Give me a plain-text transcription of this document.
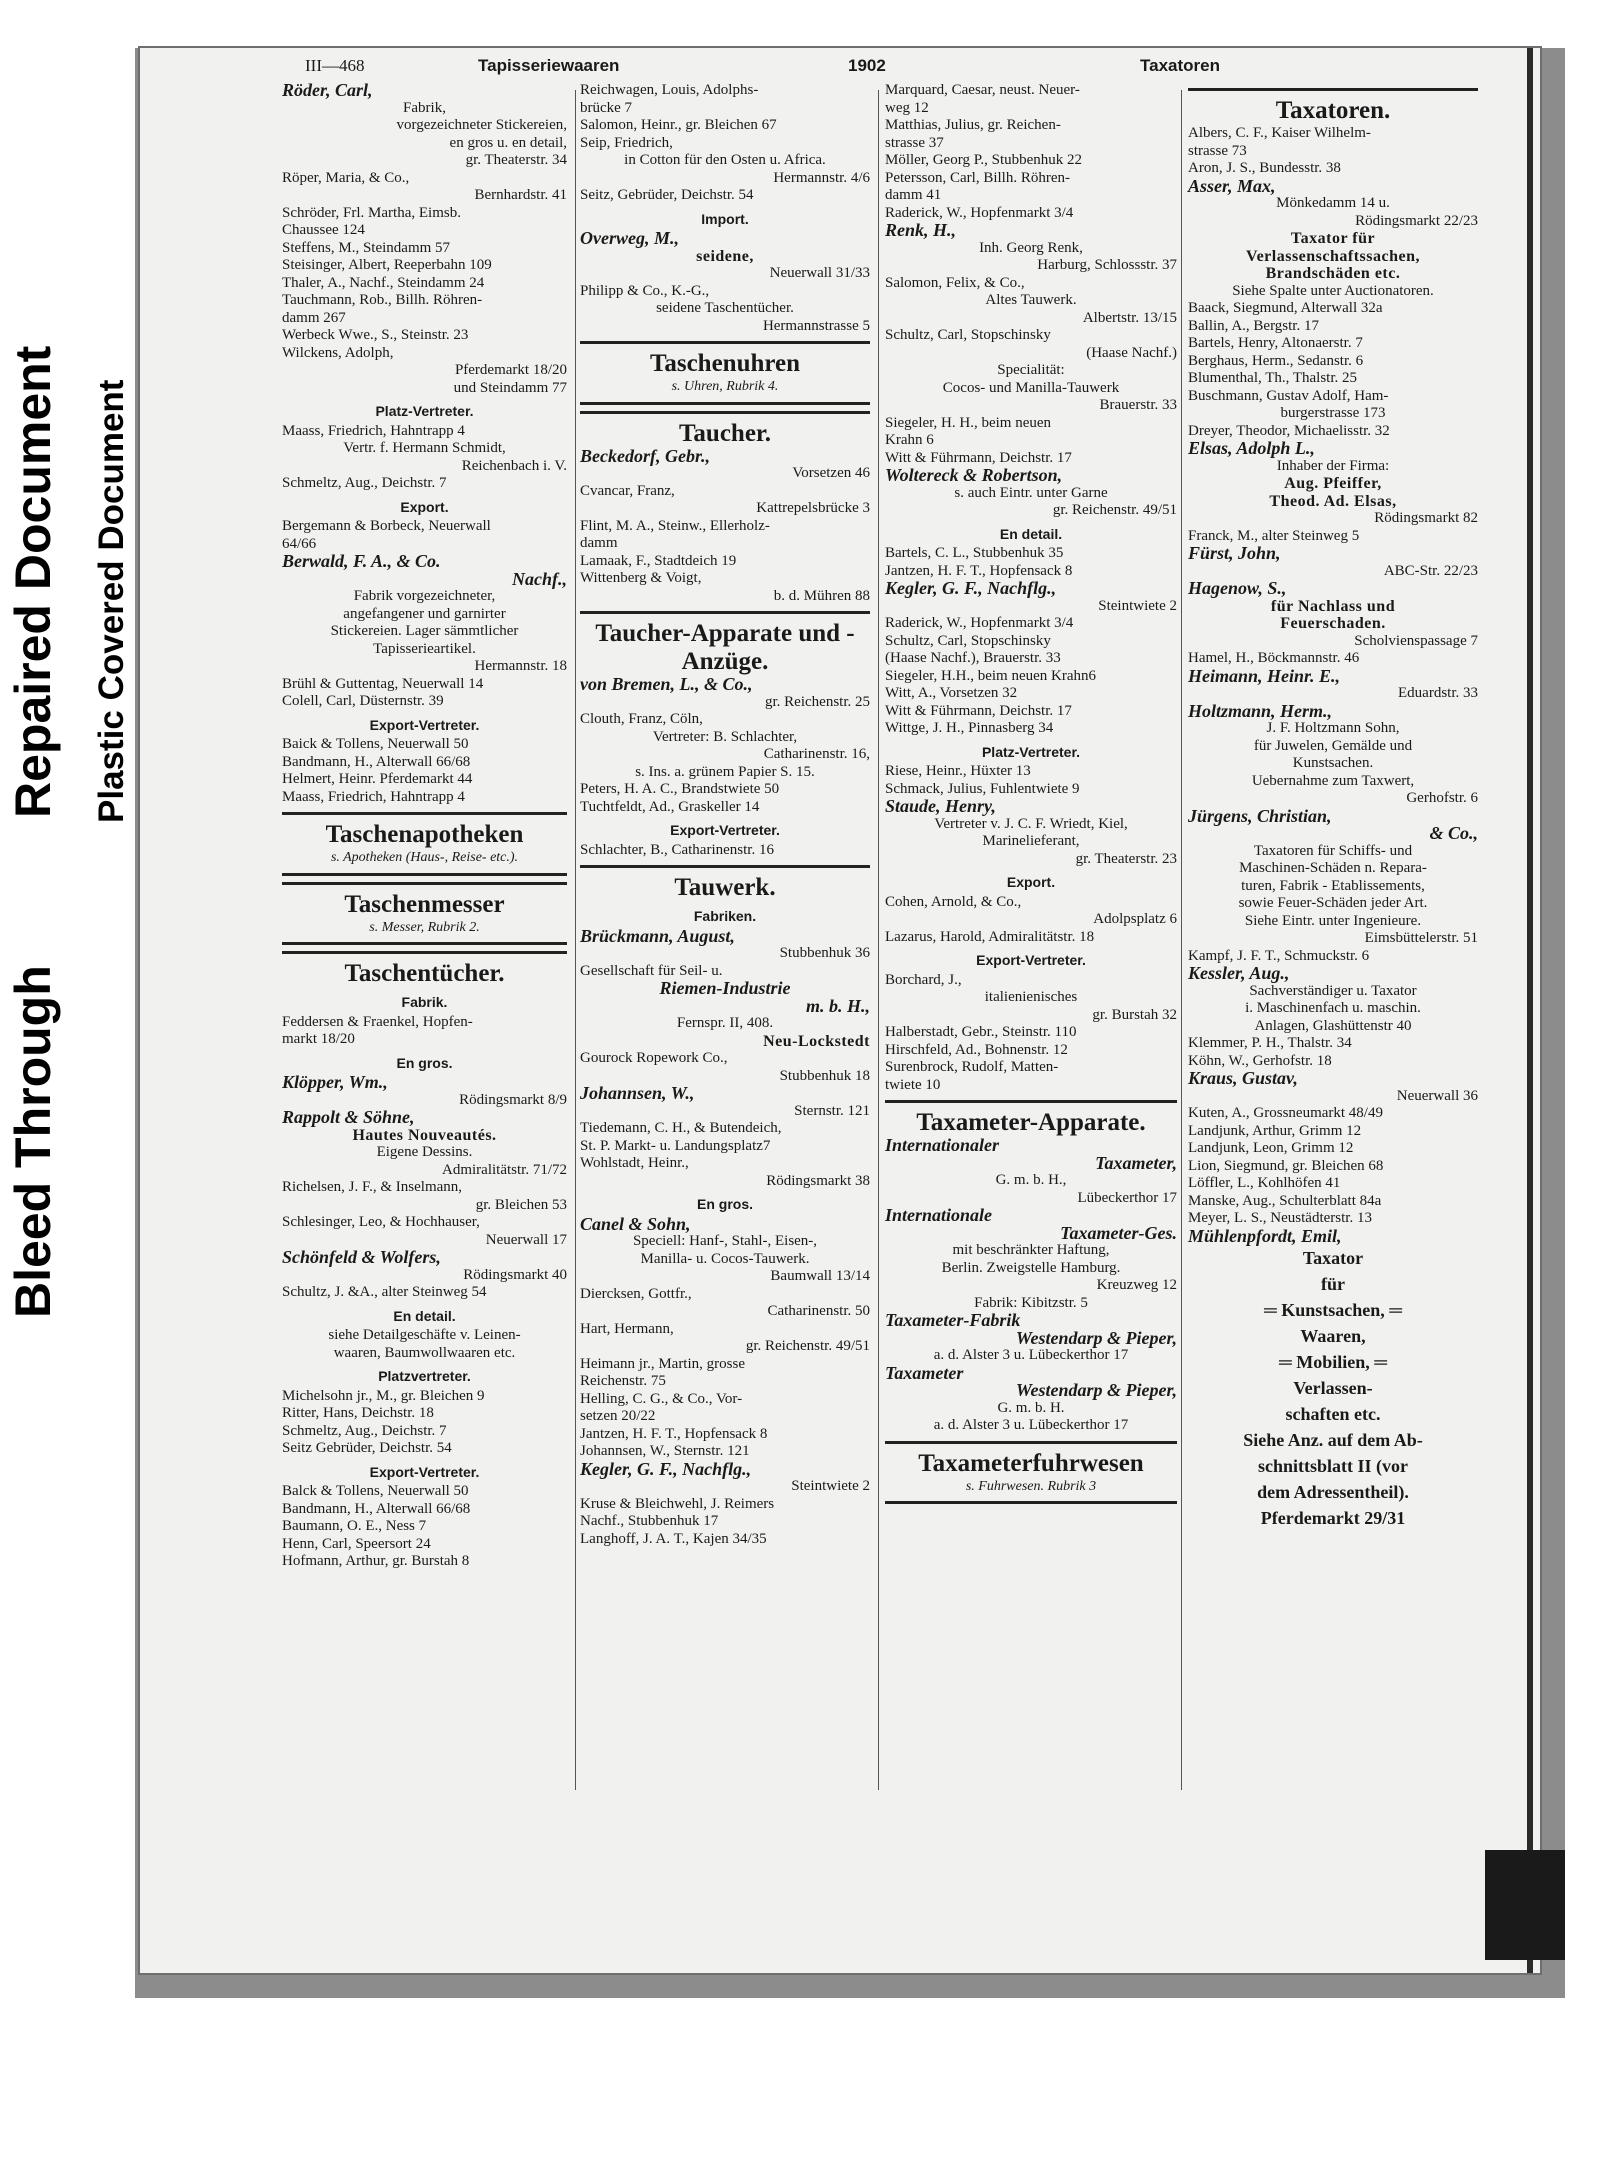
Bleed Through
Repaired Document Plastic Covered Document
III—468	Tapisseriewaaren	1902	Taxatoren
Röder, Carl,
Fabrik,
vorgezeichneter Stickereien,
en gros u. en detail,
gr. Theaterstr. 34
Röper, Maria, & Co.,
Bernhardstr. 41
Schröder, Frl. Martha, Eimsb.
Chaussee 124
Steffens, M., Steindamm 57
Steisinger, Albert, Reeperbahn 109
Thaler, A., Nachf., Steindamm 24
Tauchmann, Rob., Billh. Röhren-
damm 267
Werbeck Wwe., S., Steinstr. 23
Wilckens, Adolph,
Pferdemarkt 18/20
und Steindamm 77
Platz-Vertreter.
Maass, Friedrich, Hahntrapp 4
Vertr. f. Hermann Schmidt,
Reichenbach i. V.
Schmeltz, Aug., Deichstr. 7
Export.
Bergemann & Borbeck, Neuerwall
64/66
Berwald, F. A., & Co.
Nachf.,
Fabrik vorgezeichneter,
angefangener und garnirter
Stickereien. Lager sämmtlicher
Tapisserieartikel.
Hermannstr. 18
Brühl & Guttentag, Neuerwall 14
Colell, Carl, Düsternstr. 39
Export-Vertreter.
Baick & Tollens, Neuerwall 50
Bandmann, H., Alterwall 66/68
Helmert, Heinr. Pferdemarkt 44
Maass, Friedrich, Hahntrapp 4
Taschenapotheken
s. Apotheken (Haus-, Reise- etc.).
Taschenmesser
s. Messer, Rubrik 2.
Taschentücher.
Fabrik.
Feddersen & Fraenkel, Hopfen-
markt 18/20
En gros.
Klöpper, Wm.,
Rödingsmarkt 8/9
Rappolt & Söhne,
Hautes Nouveautés.
Eigene Dessins.
Admiralitätstr. 71/72
Richelsen, J. F., & Inselmann,
gr. Bleichen 53
Schlesinger, Leo, & Hochhauser,
Neuerwall 17
Schönfeld & Wolfers,
Rödingsmarkt 40
Schultz, J. &A., alter Steinweg 54
En detail.
siehe Detailgeschäfte v. Leinen-
waaren, Baumwollwaaren etc.
Platzvertreter.
Michelsohn jr., M., gr. Bleichen 9
Ritter, Hans, Deichstr. 18
Schmeltz, Aug., Deichstr. 7
Seitz Gebrüder, Deichstr. 54
Export-Vertreter.
Balck & Tollens, Neuerwall 50
Bandmann, H., Alterwall 66/68
Baumann, O. E., Ness 7
Henn, Carl, Speersort 24
Hofmann, Arthur, gr. Burstah 8
Reichwagen, Louis, Adolphs-
brücke 7
Salomon, Heinr., gr. Bleichen 67
Seip, Friedrich,
in Cotton für den Osten u. Africa.
Hermannstr. 4/6
Seitz, Gebrüder, Deichstr. 54
Import.
Overweg, M.,
seidene,
Neuerwall 31/33
Philipp & Co., K.-G.,
seidene Taschentücher.
Hermannstrasse 5
Taschenuhren
s. Uhren, Rubrik 4.
Taucher.
Beckedorf, Gebr.,
Vorsetzen 46
Cvancar, Franz,
Kattrepelsbrücke 3
Flint, M. A., Steinw., Ellerholz-
damm
Lamaak, F., Stadtdeich 19
Wittenberg & Voigt,
b. d. Mühren 88
Taucher-Apparate und -Anzüge.
von Bremen, L., & Co.,
gr. Reichenstr. 25
Clouth, Franz, Cöln,
Vertreter: B. Schlachter,
Catharinenstr. 16,
s. Ins. a. grünem Papier S. 15.
Peters, H. A. C., Brandstwiete 50
Tuchtfeldt, Ad., Graskeller 14
Export-Vertreter.
Schlachter, B., Catharinenstr. 16
Tauwerk.
Fabriken.
Brückmann, August,
Stubbenhuk 36
Gesellschaft für Seil- u.
Riemen-Industrie
m. b. H.,
Fernspr. II, 408.
Neu-Lockstedt
Gourock Ropework Co.,
Stubbenhuk 18
Johannsen, W.,
Sternstr. 121
Tiedemann, C. H., & Butendeich,
St. P. Markt- u. Landungsplatz7
Wohlstadt, Heinr.,
Rödingsmarkt 38
En gros.
Canel & Sohn,
Speciell: Hanf-, Stahl-, Eisen-,
Manilla- u. Cocos-Tauwerk.
Baumwall 13/14
Diercksen, Gottfr.,
Catharinenstr. 50
Hart, Hermann,
gr. Reichenstr. 49/51
Heimann jr., Martin, grosse
Reichenstr. 75
Helling, C. G., & Co., Vor-
setzen 20/22
Jantzen, H. F. T., Hopfensack 8
Johannsen, W., Sternstr. 121
Kegler, G. F., Nachflg.,
Steintwiete 2
Kruse & Bleichwehl, J. Reimers
Nachf., Stubbenhuk 17
Langhoff, J. A. T., Kajen 34/35
Marquard, Caesar, neust. Neuer-
weg 12
Matthias, Julius, gr. Reichen-
strasse 37
Möller, Georg P., Stubbenhuk 22
Petersson, Carl, Billh. Röhren-
damm 41
Raderick, W., Hopfenmarkt 3/4
Renk, H.,
Inh. Georg Renk,
Harburg, Schlossstr. 37
Salomon, Felix, & Co.,
Altes Tauwerk.
Albertstr. 13/15
Schultz, Carl, Stopschinsky
(Haase Nachf.)
Specialität:
Cocos- und Manilla-Tauwerk
Brauerstr. 33
Siegeler, H. H., beim neuen
Krahn 6
Witt & Führmann, Deichstr. 17
Woltereck & Robertson,
s. auch Eintr. unter Garne
gr. Reichenstr. 49/51
En detail.
Bartels, C. L., Stubbenhuk 35
Jantzen, H. F. T., Hopfensack 8
Kegler, G. F., Nachflg.,
Steintwiete 2
Raderick, W., Hopfenmarkt 3/4
Schultz, Carl, Stopschinsky
(Haase Nachf.), Brauerstr. 33
Siegeler, H.H., beim neuen Krahn6
Witt, A., Vorsetzen 32
Witt & Führmann, Deichstr. 17
Wittge, J. H., Pinnasberg 34
Platz-Vertreter.
Riese, Heinr., Hüxter 13
Schmack, Julius, Fuhlentwiete 9
Staude, Henry,
Vertreter v. J. C. F. Wriedt, Kiel,
Marinelieferant,
gr. Theaterstr. 23
Export.
Cohen, Arnold, & Co.,
Adolpsplatz 6
Lazarus, Harold, Admiralitätstr. 18
Export-Vertreter.
Borchard, J.,
italienienisches
gr. Burstah 32
Halberstadt, Gebr., Steinstr. 110
Hirschfeld, Ad., Bohnenstr. 12
Surenbrock, Rudolf, Matten-
twiete 10
Taxameter-Apparate.
Internationaler
Taxameter,
G. m. b. H.,
Lübeckerthor 17
Internationale
Taxameter-Ges.
mit beschränkter Haftung,
Berlin. Zweigstelle Hamburg.
Kreuzweg 12
Fabrik: Kibitzstr. 5
Taxameter-Fabrik
Westendarp & Pieper,
a. d. Alster 3 u. Lübeckerthor 17
Taxameter
Westendarp & Pieper,
G. m. b. H.
a. d. Alster 3 u. Lübeckerthor 17
Taxameterfuhrwesen
s. Fuhrwesen. Rubrik 3
Taxatoren.
Albers, C. F., Kaiser Wilhelm-
strasse 73
Aron, J. S., Bundesstr. 38
Asser, Max,
Mönkedamm 14 u.
Rödingsmarkt 22/23
Taxator für
Verlassenschaftssachen,
Brandschäden etc.
Siehe Spalte unter Auctionatoren.
Baack, Siegmund, Alterwall 32a
Ballin, A., Bergstr. 17
Bartels, Henry, Altonaerstr. 7
Berghaus, Herm., Sedanstr. 6
Blumenthal, Th., Thalstr. 25
Buschmann, Gustav Adolf, Ham-
burgerstrasse 173
Dreyer, Theodor, Michaelisstr. 32
Elsas, Adolph L.,
Inhaber der Firma:
Aug. Pfeiffer,
Theod. Ad. Elsas,
Rödingsmarkt 82
Franck, M., alter Steinweg 5
Fürst, John,
ABC-Str. 22/23
Hagenow, S.,
für Nachlass und
Feuerschaden.
Scholvienspassage 7
Hamel, H., Böckmannstr. 46
Heimann, Heinr. E.,
Eduardstr. 33
Holtzmann, Herm.,
J. F. Holtzmann Sohn,
für Juwelen, Gemälde und
Kunstsachen.
Uebernahme zum Taxwert,
Gerhofstr. 6
Jürgens, Christian,
& Co.,
Taxatoren für Schiffs- und
Maschinen-Schäden n. Repara-
turen, Fabrik - Etablissements,
sowie Feuer-Schäden jeder Art.
Siehe Eintr. unter Ingenieure.
Eimsbüttelerstr. 51
Kampf, J. F. T., Schmuckstr. 6
Kessler, Aug.,
Sachverständiger u. Taxator
i. Maschinenfach u. maschin.
Anlagen, Glashüttenstr 40
Klemmer, P. H., Thalstr. 34
Köhn, W., Gerhofstr. 18
Kraus, Gustav,
Neuerwall 36
Kuten, A., Grossneumarkt 48/49
Landjunk, Arthur, Grimm 12
Landjunk, Leon, Grimm 12
Lion, Siegmund, gr. Bleichen 68
Löffler, L., Kohlhöfen 41
Manske, Aug., Schulterblatt 84a
Meyer, L. S., Neustädterstr. 13
Mühlenpfordt, Emil,
Taxator
für
═ Kunstsachen, ═
Waaren,
═ Mobilien, ═
Verlassen-
schaften etc.
Siehe Anz. auf dem Ab-
schnittsblatt II (vor
dem Adressentheil).
Pferdemarkt 29/31
